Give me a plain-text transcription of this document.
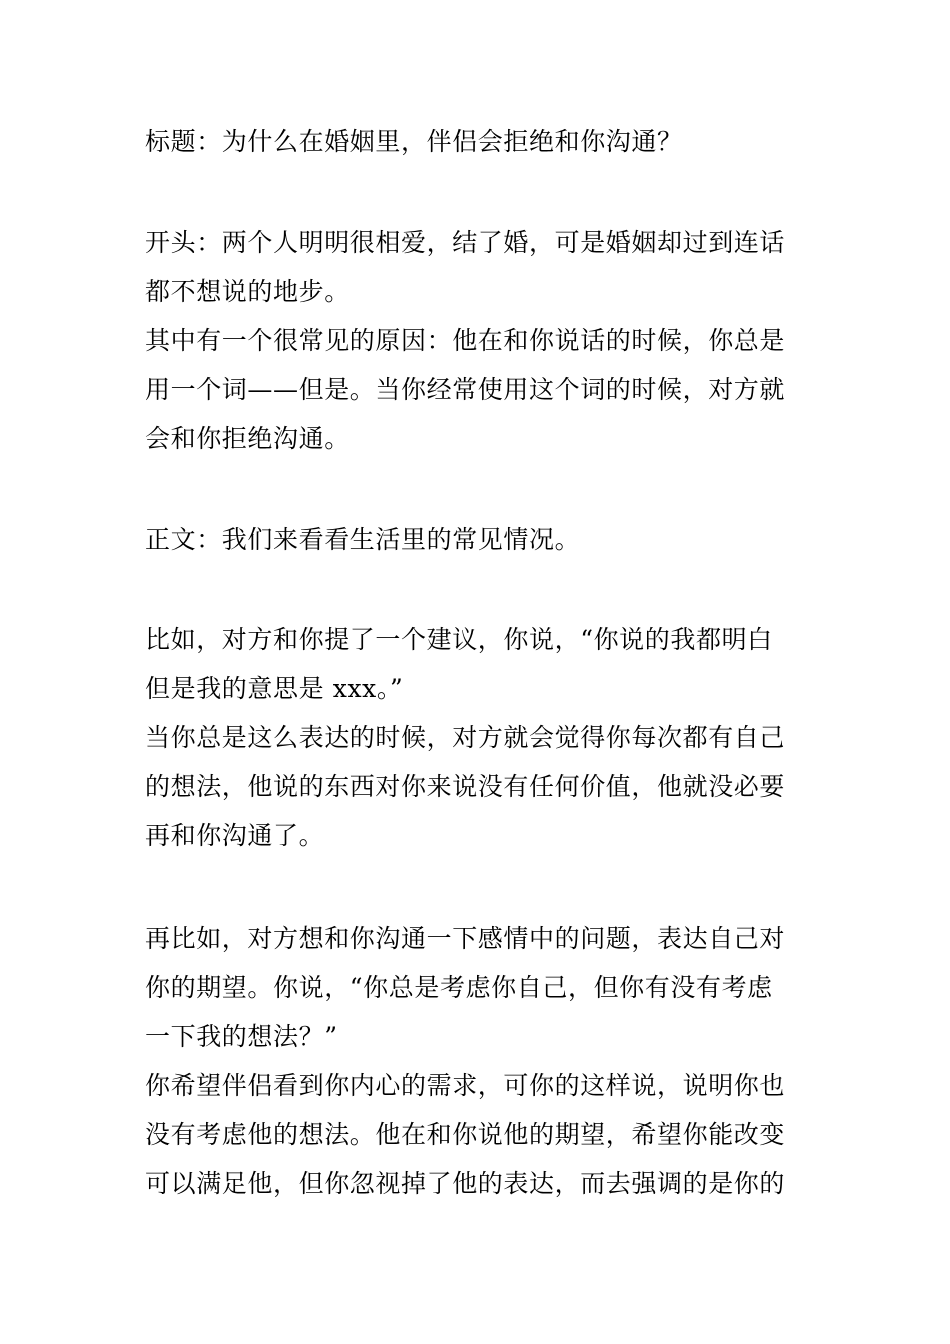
标题：为什么在婚姻里，伴侣会拒绝和你沟通？
开头：两个人明明很相爱，结了婚，可是婚姻却过到连话
都不想说的地步。
其中有一个很常见的原因：他在和你说话的时候，你总是
用一个词——但是。当你经常使用这个词的时候，对方就
会和你拒绝沟通。
正文：我们来看看生活里的常见情况。
比如，对方和你提了一个建议，你说，“你说的我都明白
但是我的意思是 xxx。”
当你总是这么表达的时候，对方就会觉得你每次都有自己
的想法，他说的东西对你来说没有任何价值，他就没必要
再和你沟通了。
再比如，对方想和你沟通一下感情中的问题，表达自己对
你的期望。你说，“你总是考虑你自己，但你有没有考虑
一下我的想法？”
你希望伴侣看到你内心的需求，可你的这样说，说明你也
没有考虑他的想法。他在和你说他的期望，希望你能改变
可以满足他，但你忽视掉了他的表达，而去强调的是你的
